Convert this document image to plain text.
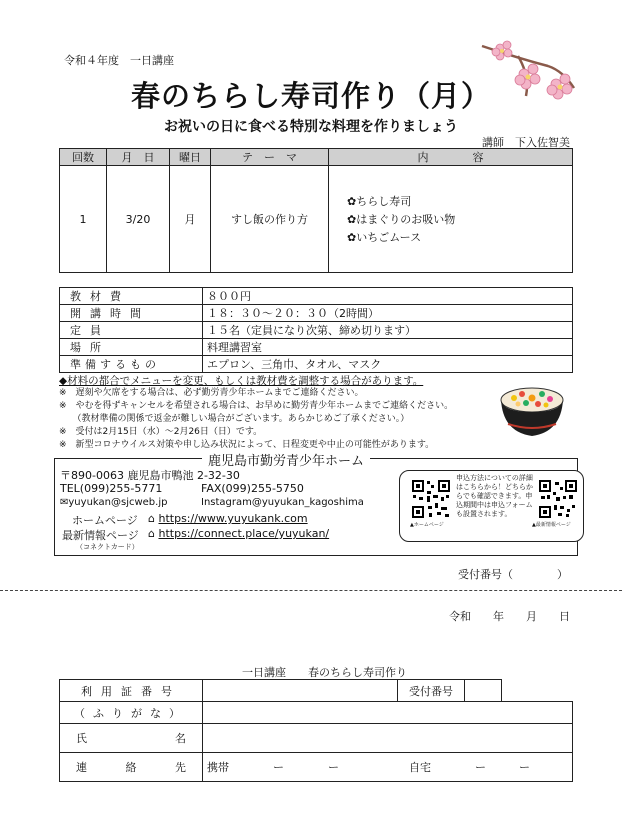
令和４年度　一日講座
春のちらし寿司作り（月）
お祝いの日に食べる特別な料理を作りましょう
講師　下入佐智美
回数	月　日	曜日	テ　ー　マ	内　　　　容
1	3/20	月	すし飯の作り方	✿ちらし寿司
✿はまぐりのお吸い物
✿いちごムース
教材費	８００円
開講時間	１８：３０～２０：３０（2時間）
定員	１５名（定員になり次第、締め切ります）
場所	料理講習室
準備するもの	エプロン、三角巾、タオル、マスク
◆材料の都合でメニューを変更、もしくは教材費を調整する場合があります。
※　遅刻や欠席をする場合は、必ず勤労青少年ホームまでご連絡ください。
※　やむを得ずキャンセルを希望される場合は、お早めに勤労青少年ホームまでご連絡ください。
　　（教材準備の関係で返金が難しい場合がございます。あらかじめご了承ください。）
※　受付は2月15日（水）～2月26日（日）です。
※　新型コロナウイルス対策や申し込み状況によって、日程変更や中止の可能性があります。
鹿児島市勤労青少年ホーム
〒890-0063 鹿児島市鴨池 2-32-30
TEL(099)255-5771	FAX(099)255-5750
✉yuyukan@sjcweb.jp	Instagram@yuyukan_kagoshima
ホームページ ⌂ https://www.yuyukank.com
最新情報ページ
（コネクトカード）
⌂ https://connect.place/yuyukan/
申込方法についての詳細はこちらから！どちらからでも確認できます。申込期間中は申込フォームも設置されます。
▲ホームページ	▲最新情報ページ
受付番号（　　　　）
令和　　年　　月　　日
一日講座　　春のちらし寿司作り
利用証番号		受付番号		
（ふりがな）				
氏名				
連絡先	携帯　　　　ー　　　　ー 自宅　　　　ー　　　ー			
